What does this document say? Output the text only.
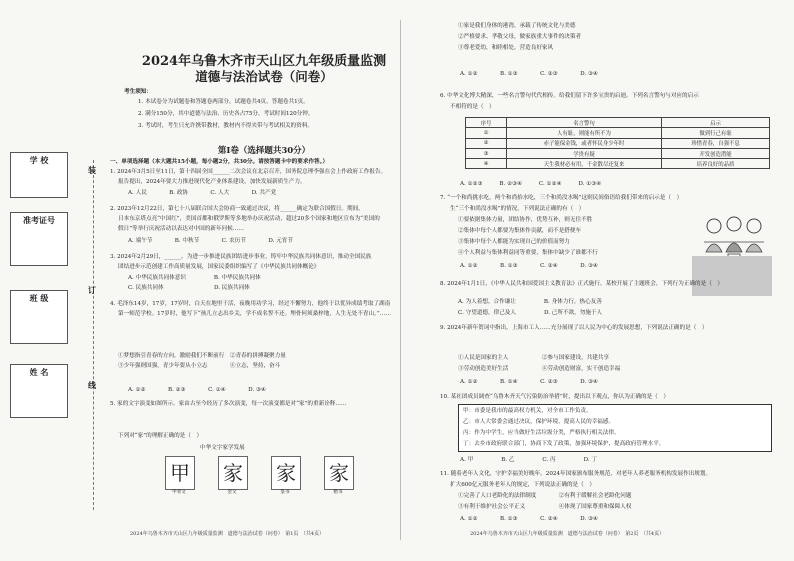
学 校
准考证号
班 级
姓 名
装
订
线
2024年乌鲁木齐市天山区九年级质量监测
道德与法治试卷（问卷）
考生须知：
1. 本试卷分为试题卷和答题卷两部分，试题卷共4页，答题卷共1页。
2. 满分150分，其中道德与法治、历史各占75分，考试时间120分钟。
3. 考试时，考生只允许携带教材，教材内不得夹带与考试相关的资料。
第Ⅰ卷（选择题共30分）
一、单项选择题（本大题共15小题，每小题2分，共30分。请按答题卡中的要求作答。）
1. 2024年3月5日至11日，第十四届全国______二次会议在北京召开，国务院总理李强在会上作政府工作报告。
报告提出，2024年要大力推进现代化产业体系建设，加快发展新质生产力。
A. 人民　　　　B. 政协　　　　C. 人大　　　　D. 共产党
2. 2023年12月22日，第七十八届联合国大会协商一致通过决议，将______确定为联合国假日。期间，
日本东京塔点亮“中国红”，美国首都和俄罗斯等多地举办庆祝活动，超过20多个国家和地区宣布为“美国的
假日”等举行庆祝活动以表达对中国的新年问候……
A. 端午节　　　　B. 中秋节　　　　C. 农历节　　　　D. 元宵节
3. 2024年2月29日，______。为进一步推进民族团结进步事业，铸牢中华民族共同体意识，推动全国民族
团结进步示范创建工作高质量发展，国家民委组织编写了《中华民族共同体概论》
A. 中华民族共同体意识　　　　　B. 中华民族共同体
C. 民族共同体　　　　　　　　　D. 民族共同体
4. 毛泽东14岁，17岁，17岁时，白天在地里干活，夜晚用功学习，经过不懈努力，他终于以优异成绩考取了湖南
第一师范学校。17岁时，他写下“孩儿立志出乡关，学不成名誓不还。埋骨何须桑梓地，人生无处不青山。”……
①梦想指引青春的方向，激励我们不断前行　②青春的拼搏凝聚力量
③少年强则国强，青少年要从小立志　　　　④立志，坚持，奋斗
A. ①②　　　　B. ②③　　　　C. ①④　　　　D. ③④
5. 家的文字演变如图所示。家由古至今经历了多次演变，每一次演变都是对“家”的重新诠释……
下列对“家”的理解正确的是（　）
中华文字家学发展
甲 家 家 家
甲骨文	金文	篆书	楷书
2024年乌鲁木齐市天山区九年级质量监测　道德与法治试卷（问卷）　第1页　（共4页）
①家是我们身体的港湾，承载了传统文化与美德
②严格要求、孝敬父母，做家族重大事件的决策者
③尊老爱幼，和睦相处，营造良好家风
A. ①②　　　　B. ①③　　　　C. ②③　　　　D. ③④
6. 中华文化博大精深，一些名言警句代代相传。给我们留下许多宝贵的启迪。下列名言警句与对应的启示
不相符的是（　）
序号	名言警句	启示
①	人有耻，则能有所不为	做到行己有耻
②	赤子能保金钱，或者怀民身少年时	珍惜青春，自强不息
③	学贵有疑	开发创造潜能
④	天生我材必有用，千金散尽还复来	培养良好的品质
A. ①②③　　　B. ②③④　　　C. ①②④　　　D. ①③④
7. “一个和尚挑水吃，两个和尚抬水吃，三个和尚没水喝”这则民间俗语给我们带来的启示是（　）
生“三个和尚没水喝”的情况。下列说法正确的有（　）
①要依据集体力量，团结协作，优势互补，则无往不胜
②集体中每个人都要为集体作贡献，而不是搭便车
③集体中每个人都能为实现自己的价值而努力
④个人利益与集体利益同等重要，集体中缺少了谁都不行
A. ①②　　　　B. ①③　　　　C. ②④　　　　D. ③④
8. 2024年1月1日，《中华人民共和国爱国主义教育法》正式施行。某校开展了主题班会，下列行为正确的是（　）
A. 为人着想，合作谦让　　　　　B. 身体力行，热心友善
C. 守望道德，律己及人　　　　　D. 己所不欲，勿施于人
9. 2024年新年贺词中指出，上海市工人……充分展现了以人民为中心的发展思想，下列说法正确的是（　）
①人民是国家的主人　　　　　　②参与国家建设，共建共享
③劳动创造美好生活　　　　　　④劳动创造财富，实干创造幸福
A. ①②　　　　B. ①④　　　　C. ②③　　　　D. ③④
10. 某社团成员调查“乌鲁木齐天气污染防治举措”时，提出以下观点，你认为正确的是（　）
甲：市委是我市的最高权力机关，对全市工作负责。
乙：市人大常委会通过决议，保护环境，提高人民的幸福感。
丙：作为中学生，应当做好生活垃圾分类，严格执行相关法律。
丁：去乡市政府联合部门，协商下发了政策，加强环境保护，提高政府管理水平。
A. 甲　　　　　B. 乙　　　　　C. 丙　　　　　D. 丁
11. 随着老年人文化，守护幸福美好晚年。2024年国家颁布服务规范，对老年人养老服务机构发展作出规划。
扩大600亿元服务老年人的规定，下列说法正确的是（　）
①完善了人口老龄化的法律制度　　　　②有利于缓解社会老龄化问题
③有利于维护社会公平正义　　　　　　④体现了国家尊重和保障人权
A. ①②　　　　B. ①③　　　　C. ②④　　　　D. ③④
2024年乌鲁木齐市天山区九年级质量监测　道德与法治试卷（问卷）　第2页　（共4页）
